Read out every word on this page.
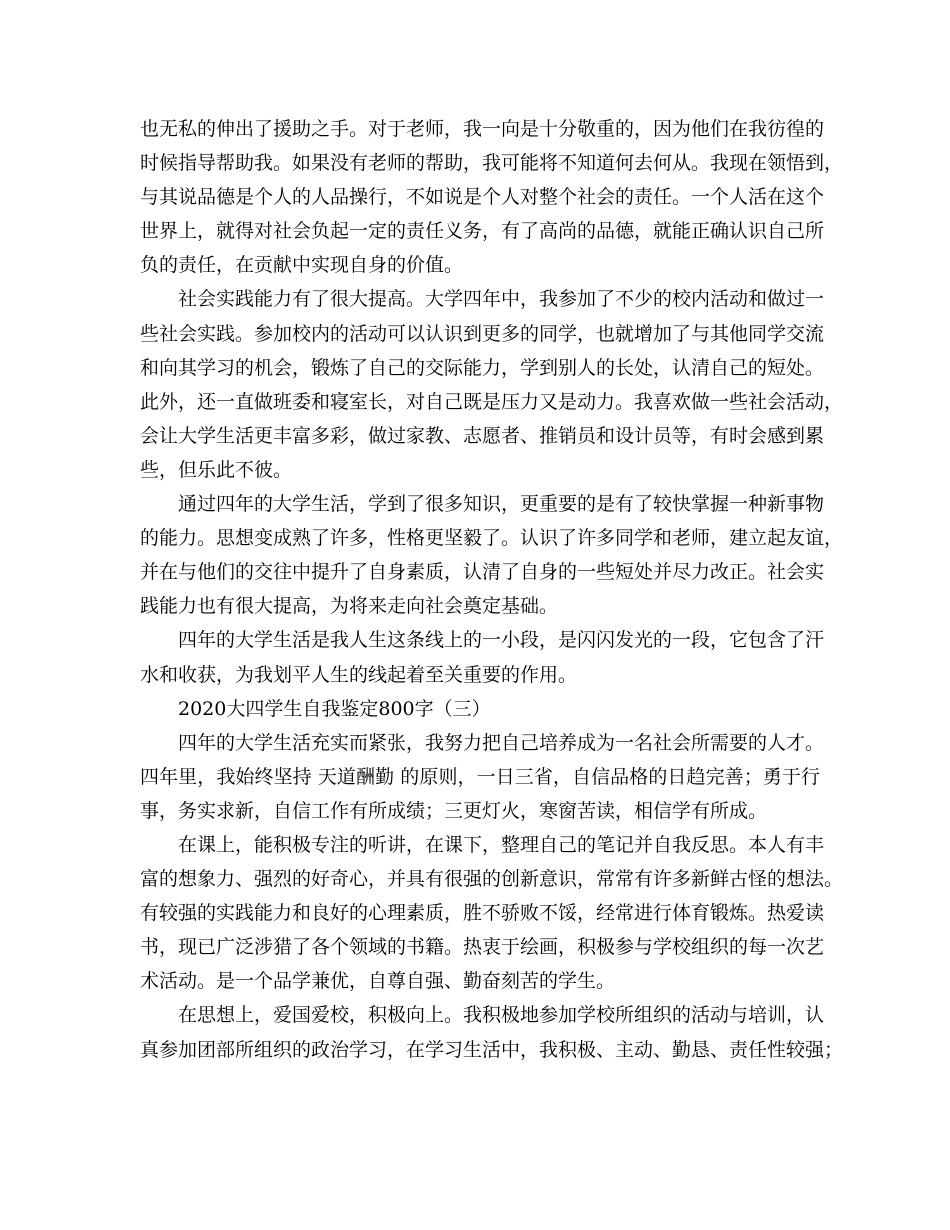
也无私的伸出了援助之手。对于老师，我一向是十分敬重的，因为他们在我彷徨的
时候指导帮助我。如果没有老师的帮助，我可能将不知道何去何从。我现在领悟到，
与其说品德是个人的人品操行，不如说是个人对整个社会的责任。一个人活在这个
世界上，就得对社会负起一定的责任义务，有了高尚的品德，就能正确认识自己所
负的责任，在贡献中实现自身的价值。
社会实践能力有了很大提高。大学四年中，我参加了不少的校内活动和做过一
些社会实践。参加校内的活动可以认识到更多的同学，也就增加了与其他同学交流
和向其学习的机会，锻炼了自己的交际能力，学到别人的长处，认清自己的短处。
此外，还一直做班委和寝室长，对自己既是压力又是动力。我喜欢做一些社会活动，
会让大学生活更丰富多彩，做过家教、志愿者、推销员和设计员等，有时会感到累
些，但乐此不彼。
通过四年的大学生活，学到了很多知识，更重要的是有了较快掌握一种新事物
的能力。思想变成熟了许多，性格更坚毅了。认识了许多同学和老师，建立起友谊，
并在与他们的交往中提升了自身素质，认清了自身的一些短处并尽力改正。社会实
践能力也有很大提高，为将来走向社会奠定基础。
四年的大学生活是我人生这条线上的一小段，是闪闪发光的一段，它包含了汗
水和收获，为我划平人生的线起着至关重要的作用。
2020大四学生自我鉴定800字（三）
四年的大学生活充实而紧张，我努力把自己培养成为一名社会所需要的人才。
四年里，我始终坚持 天道酬勤 的原则，一日三省，自信品格的日趋完善；勇于行
事，务实求新，自信工作有所成绩；三更灯火，寒窗苦读，相信学有所成。
在课上，能积极专注的听讲，在课下，整理自己的笔记并自我反思。本人有丰
富的想象力、强烈的好奇心，并具有很强的创新意识，常常有许多新鲜古怪的想法。
有较强的实践能力和良好的心理素质，胜不骄败不馁，经常进行体育锻炼。热爱读
书，现已广泛涉猎了各个领域的书籍。热衷于绘画，积极参与学校组织的每一次艺
术活动。是一个品学兼优，自尊自强、勤奋刻苦的学生。
在思想上，爱国爱校，积极向上。我积极地参加学校所组织的活动与培训，认
真参加团部所组织的政治学习，在学习生活中，我积极、主动、勤恳、责任性较强；
